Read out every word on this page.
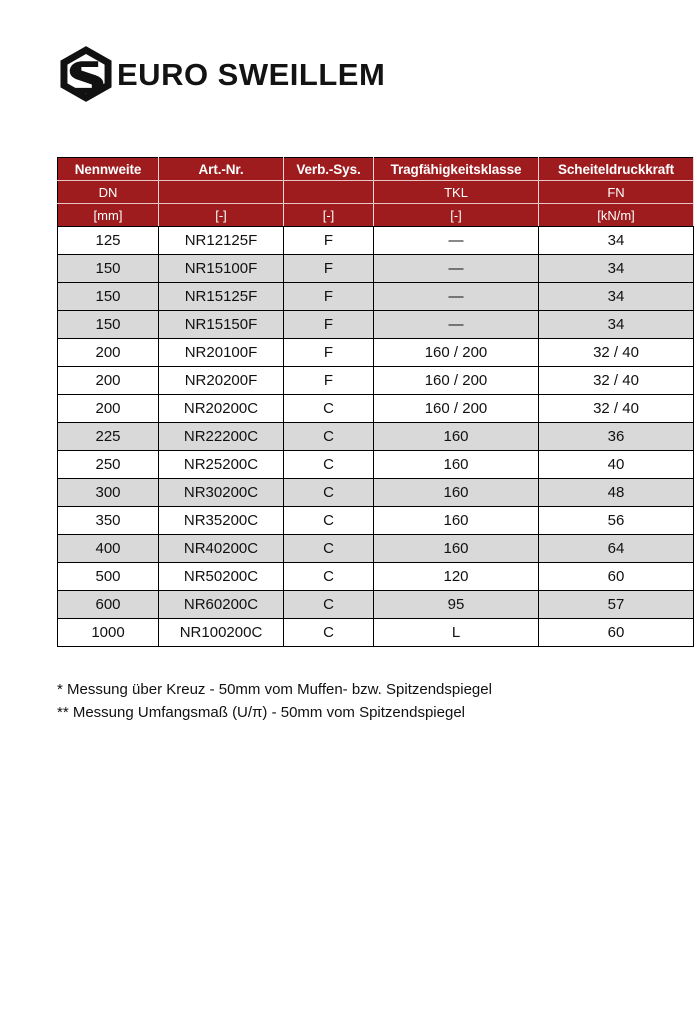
EURO SWEILLEM
Nennweite	Art.-Nr.	Verb.-Sys.	Tragfähigkeitsklasse	Scheiteldruckkraft
DN			TKL	FN
[mm]	[-]	[-]	[-]	[kN/m]
125	NR12125F	F	—	34
150	NR15100F	F	—	34
150	NR15125F	F	—	34
150	NR15150F	F	—	34
200	NR20100F	F	160 / 200	32 / 40
200	NR20200F	F	160 / 200	32 / 40
200	NR20200C	C	160 / 200	32 / 40
225	NR22200C	C	160	36
250	NR25200C	C	160	40
300	NR30200C	C	160	48
350	NR35200C	C	160	56
400	NR40200C	C	160	64
500	NR50200C	C	120	60
600	NR60200C	C	95	57
1000	NR100200C	C	L	60
* Messung über Kreuz - 50mm vom Muffen- bzw. Spitzendspiegel
** Messung Umfangsmaß (U/π) - 50mm vom Spitzendspiegel
